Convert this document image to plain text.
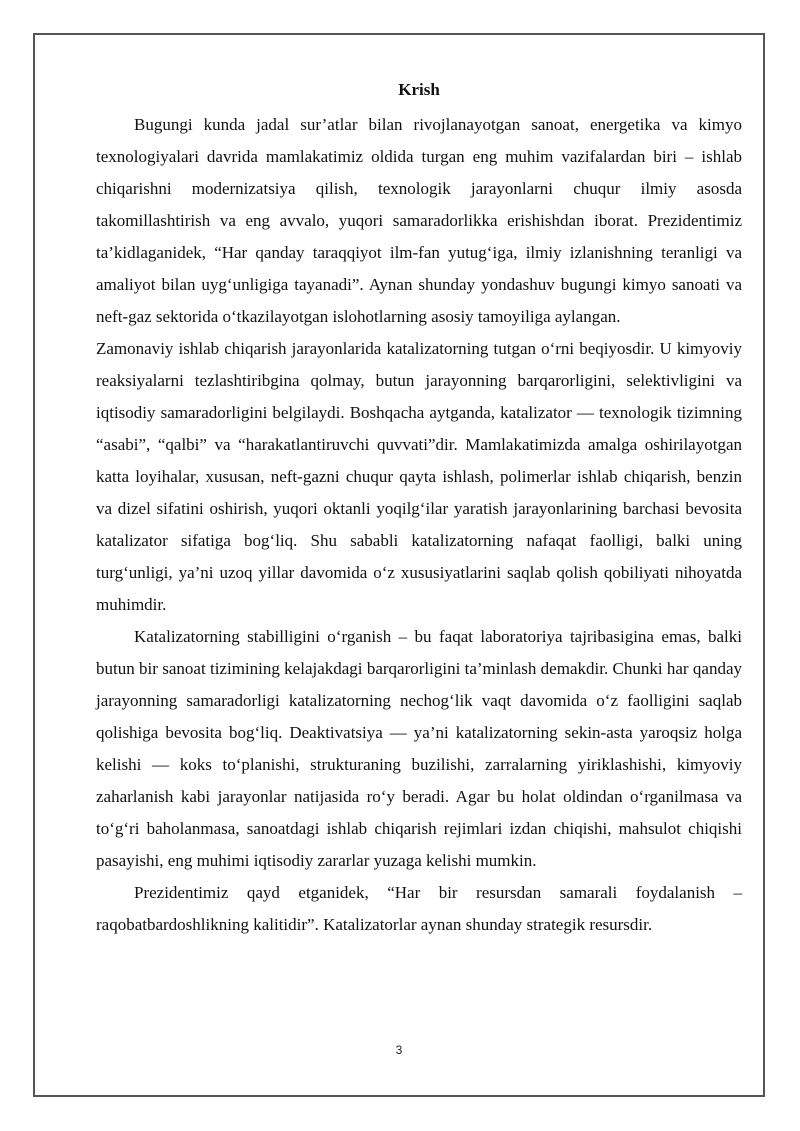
Krish

Bugungi kunda jadal sur’atlar bilan rivojlanayotgan sanoat, energetika va kimyo texnologiyalari davrida mamlakatimiz oldida turgan eng muhim vazifalardan biri – ishlab chiqarishni modernizatsiya qilish, texnologik jarayonlarni chuqur ilmiy asosda takomillashtirish va eng avvalo, yuqori samaradorlikka erishishdan iborat. Prezidentimiz ta’kidlaganidek, “Har qanday taraqqiyot ilm-fan yutug‘iga, ilmiy izlanishning teranligi va amaliyot bilan uyg‘unligiga tayanadi”. Aynan shunday yondashuv bugungi kimyo sanoati va neft-gaz sektorida o‘tkazilayotgan islohotlarning asosiy tamoyiliga aylangan.

Zamonaviy ishlab chiqarish jarayonlarida katalizatorning tutgan o‘rni beqiyosdir. U kimyoviy reaksiyalarni tezlashtiribgina qolmay, butun jarayonning barqarorligini, selektivligini va iqtisodiy samaradorligini belgilaydi. Boshqacha aytganda, katalizator — texnologik tizimning “asabi”, “qalbi” va “harakatlantiruvchi quvvati”dir. Mamlakatimizda amalga oshirilayotgan katta loyihalar, xususan, neft-gazni chuqur qayta ishlash, polimerlar ishlab chiqarish, benzin va dizel sifatini oshirish, yuqori oktanli yoqilg‘ilar yaratish jarayonlarining barchasi bevosita katalizator sifatiga bog‘liq. Shu sababli katalizatorning nafaqat faolligi, balki uning turg‘unligi, ya’ni uzoq yillar davomida o‘z xususiyatlarini saqlab qolish qobiliyati nihoyatda muhimdir.

Katalizatorning stabilligini o‘rganish – bu faqat laboratoriya tajribasigina emas, balki butun bir sanoat tizimining kelajakdagi barqarorligini ta’minlash demakdir. Chunki har qanday jarayonning samaradorligi katalizatorning nechog‘lik vaqt davomida o‘z faolligini saqlab qolishiga bevosita bog‘liq. Deaktivatsiya — ya’ni katalizatorning sekin-asta yaroqsiz holga kelishi — koks to‘planishi, strukturaning buzilishi, zarralarning yiriklashishi, kimyoviy zaharlanish kabi jarayonlar natijasida ro‘y beradi. Agar bu holat oldindan o‘rganilmasa va to‘g‘ri baholanmasa, sanoatdagi ishlab chiqarish rejimlari izdan chiqishi, mahsulot chiqishi pasayishi, eng muhimi iqtisodiy zararlar yuzaga kelishi mumkin.

Prezidentimiz qayd etganidek, “Har bir resursdan samarali foydalanish – raqobatbardoshlikning kalitidir”. Katalizatorlar aynan shunday strategik resursdir.

3
